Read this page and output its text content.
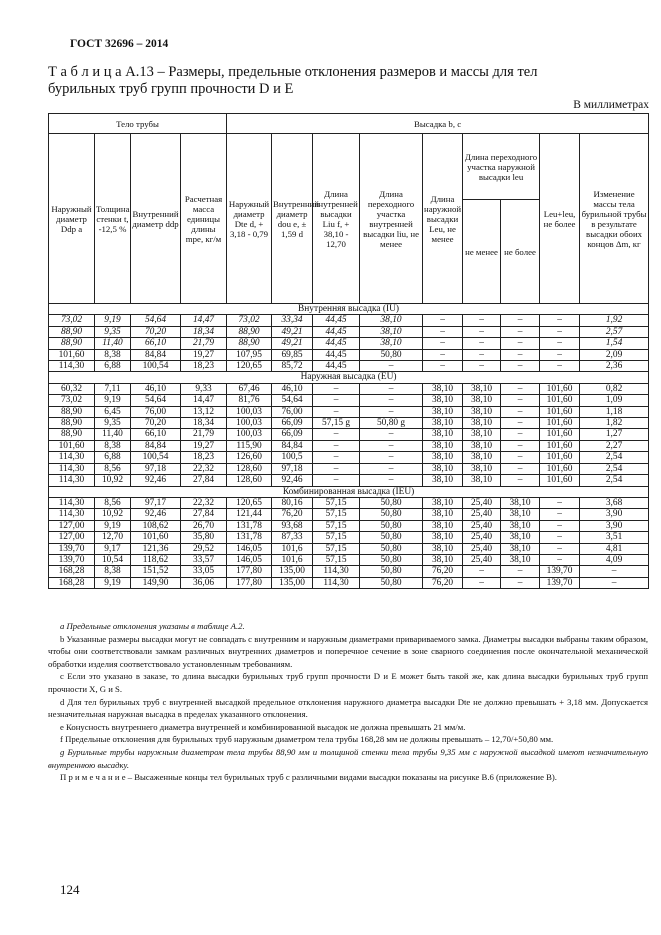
ГОСТ 32696 – 2014
Т а б л и ц а А.13 – Размеры, предельные отклонения размеров и массы для тел
бурильных труб групп прочности D и E
В миллиметрах
Тело трубы				Высадка b, c								
Наружный диаметр Ddp a	Толщина стенки t, -12,5 %	Внутренний диаметр ddp	Расчетная масса единицы длины mpe, кг/м	Наружный диаметр Dte d, + 3,18 - 0,79	Внутренний диаметр dou e, ± 1,59 d	Длина внутренней высадки Liu f, + 38,10 - 12,70	Длина переходного участка внутренней высадки liu, не менее	Длина наружной высадки Leu, не менее	Длина переходного участка наружной высадки leu		Leu+leu, не более	Изменение массы тела бурильной трубы в результате высадки обоих концов Δm, кг
									не менее	не более		
Внутренняя высадка (IU)												
73,02	9,19	54,64	14,47	73,02	33,34	44,45	38,10	–	–	–	–	1,92
88,90	9,35	70,20	18,34	88,90	49,21	44,45	38,10	–	–	–	–	2,57
88,90	11,40	66,10	21,79	88,90	49,21	44,45	38,10	–	–	–	–	1,54
101,60	8,38	84,84	19,27	107,95	69,85	44,45	50,80	–	–	–	–	2,09
114,30	6,88	100,54	18,23	120,65	85,72	44,45	–	–	–	–	–	2,36
Наружная высадка (EU)												
60,32	7,11	46,10	9,33	67,46	46,10	–	–	38,10	38,10	–	101,60	0,82
73,02	9,19	54,64	14,47	81,76	54,64	–	–	38,10	38,10	–	101,60	1,09
88,90	6,45	76,00	13,12	100,03	76,00	–	–	38,10	38,10	–	101,60	1,18
88,90	9,35	70,20	18,34	100,03	66,09	57,15 g	50,80 g	38,10	38,10	–	101,60	1,82
88,90	11,40	66,10	21,79	100,03	66,09	–	–	38,10	38,10	–	101,60	1,27
101,60	8,38	84,84	19,27	115,90	84,84	–	–	38,10	38,10	–	101,60	2,27
114,30	6,88	100,54	18,23	126,60	100,5	–	–	38,10	38,10	–	101,60	2,54
114,30	8,56	97,18	22,32	128,60	97,18	–	–	38,10	38,10	–	101,60	2,54
114,30	10,92	92,46	27,84	128,60	92,46	–	–	38,10	38,10	–	101,60	2,54
Комбинированная высадка (IEU)												
114,30	8,56	97,17	22,32	120,65	80,16	57,15	50,80	38,10	25,40	38,10	–	3,68
114,30	10,92	92,46	27,84	121,44	76,20	57,15	50,80	38,10	25,40	38,10	–	3,90
127,00	9,19	108,62	26,70	131,78	93,68	57,15	50,80	38,10	25,40	38,10	–	3,90
127,00	12,70	101,60	35,80	131,78	87,33	57,15	50,80	38,10	25,40	38,10	–	3,51
139,70	9,17	121,36	29,52	146,05	101,6	57,15	50,80	38,10	25,40	38,10	–	4,81
139,70	10,54	118,62	33,57	146,05	101,6	57,15	50,80	38,10	25,40	38,10	–	4,09
168,28	8,38	151,52	33,05	177,80	135,00	114,30	50,80	76,20	–	–	139,70	–
168,28	9,19	149,90	36,06	177,80	135,00	114,30	50,80	76,20	–	–	139,70	–

a Предельные отклонения указаны в таблице А.2.

b Указанные размеры высадки могут не совпадать с внутренним и наружным диаметрами привариваемого замка. Диаметры высадки выбраны таким образом, чтобы они соответствовали замкам различных внутренних диаметров и поперечное сечение в зоне сварного соединения после окончательной механической обработки изделия соответствовало установленным требованиям.

c Если это указано в заказе, то длина высадки бурильных труб групп прочности D и E может быть такой же, как длина высадки бурильных труб групп прочности X, G и S.

d Для тел бурильных труб с внутренней высадкой предельное отклонения наружного диаметра высадки Dte не должно превышать + 3,18 мм. Допускается незначительная наружная высадка в пределах указанного отклонения.

e Конусность внутреннего диаметра внутренней и комбинированной высадок не должна превышать 21 мм/м.

f Предельные отклонения для бурильных труб наружным диаметром тела трубы 168,28 мм не должны превышать – 12,70/+50,80 мм.

g Бурильные трубы наружным диаметром тела трубы 88,90 мм и толщиной стенки тела трубы 9,35 мм с наружной высадкой имеют незначительную внутреннюю высадку.

П р и м е ч а н и е – Высаженные концы тел бурильных труб с различными видами высадки показаны на рисунке В.6 (приложение В).

124
